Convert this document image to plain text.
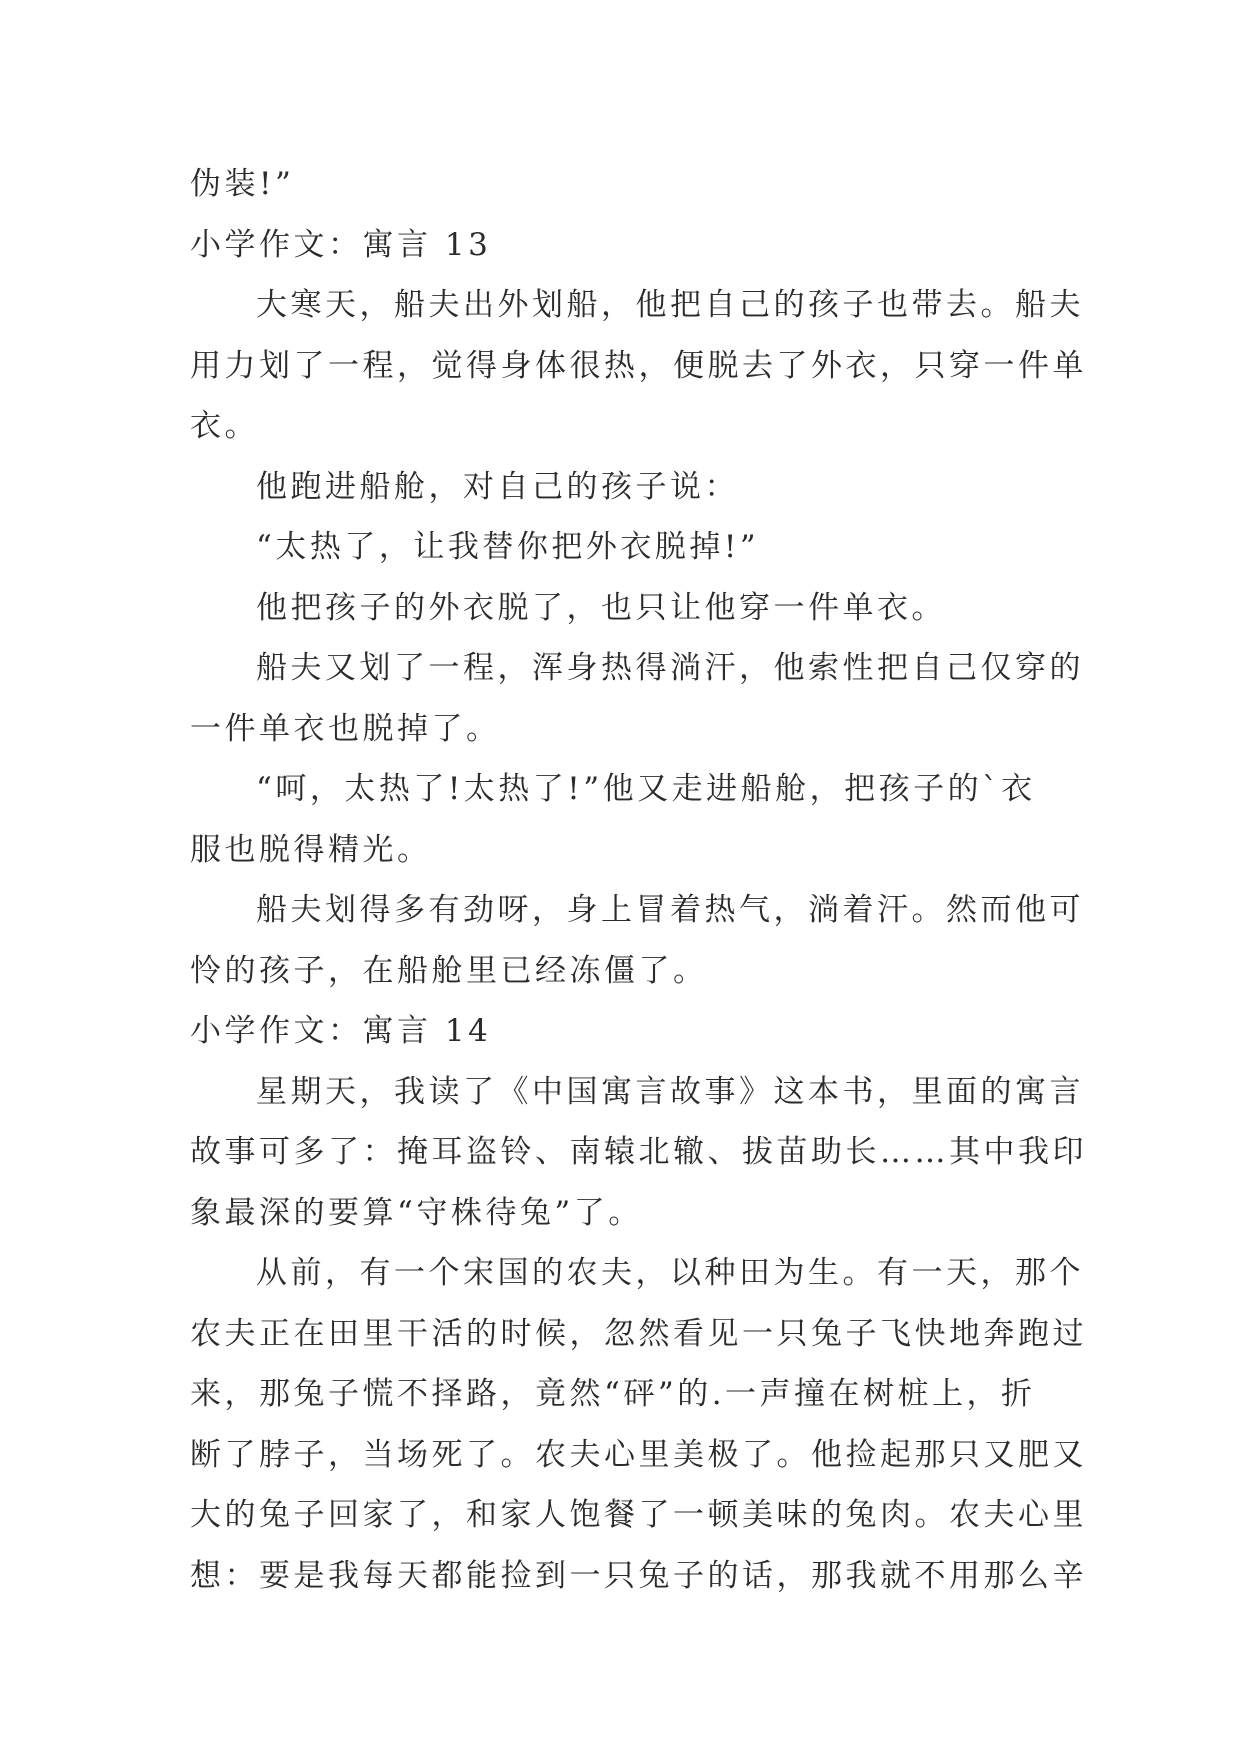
伪装!”
小学作文：寓言 13
大寒天，船夫出外划船，他把自己的孩子也带去。船夫
用力划了一程，觉得身体很热，便脱去了外衣，只穿一件单
衣。
他跑进船舱，对自己的孩子说：
“太热了，让我替你把外衣脱掉!”
他把孩子的外衣脱了，也只让他穿一件单衣。
船夫又划了一程，浑身热得淌汗，他索性把自己仅穿的
一件单衣也脱掉了。
“呵，太热了!太热了!”他又走进船舱，把孩子的`衣
服也脱得精光。
船夫划得多有劲呀，身上冒着热气，淌着汗。然而他可
怜的孩子，在船舱里已经冻僵了。
小学作文：寓言 14
星期天，我读了《中国寓言故事》这本书，里面的寓言
故事可多了：掩耳盗铃、南辕北辙、拔苗助长……其中我印
象最深的要算“守株待兔”了。
从前，有一个宋国的农夫，以种田为生。有一天，那个
农夫正在田里干活的时候，忽然看见一只兔子飞快地奔跑过
来，那兔子慌不择路，竟然“砰”的.一声撞在树桩上，折
断了脖子，当场死了。农夫心里美极了。他捡起那只又肥又
大的兔子回家了，和家人饱餐了一顿美味的兔肉。农夫心里
想：要是我每天都能捡到一只兔子的话，那我就不用那么辛
